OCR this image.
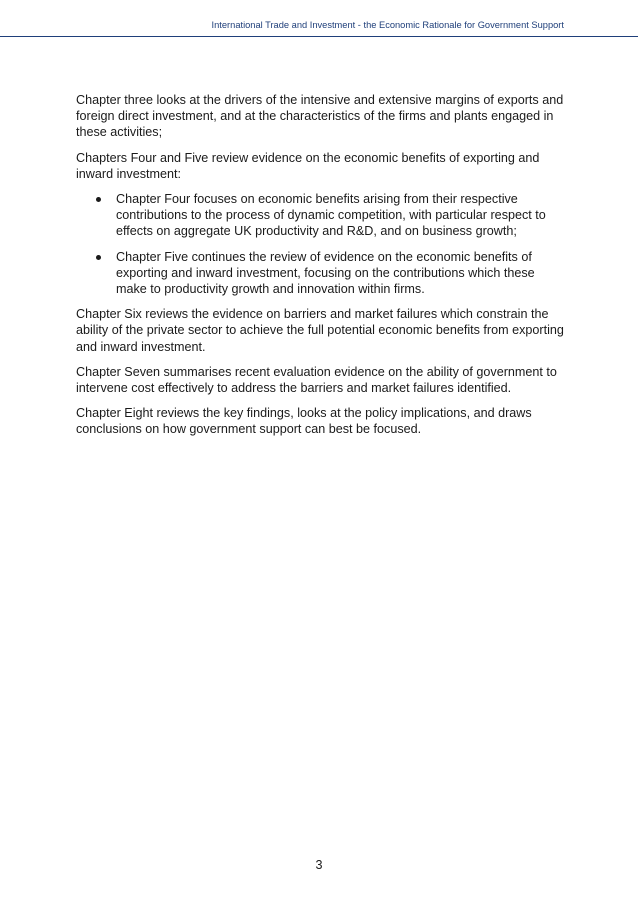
International Trade and Investment - the Economic Rationale for Government Support

Chapter three looks at the drivers of the intensive and extensive margins of exports and foreign direct investment, and at the characteristics of the firms and plants engaged in these activities;

Chapters Four and Five review evidence on the economic benefits of exporting and inward investment:

Chapter Four focuses on economic benefits arising from their respective contributions to the process of dynamic competition, with particular respect to effects on aggregate UK productivity and R&D, and on business growth;
Chapter Five continues the review of evidence on the economic benefits of exporting and inward investment, focusing on the contributions which these make to productivity growth and innovation within firms.

Chapter Six reviews the evidence on barriers and market failures which constrain the ability of the private sector to achieve the full potential economic benefits from exporting and inward investment.

Chapter Seven summarises recent evaluation evidence on the ability of government to intervene cost effectively to address the barriers and market failures identified.

Chapter Eight reviews the key findings, looks at the policy implications, and draws conclusions on how government support can best be focused.

3
